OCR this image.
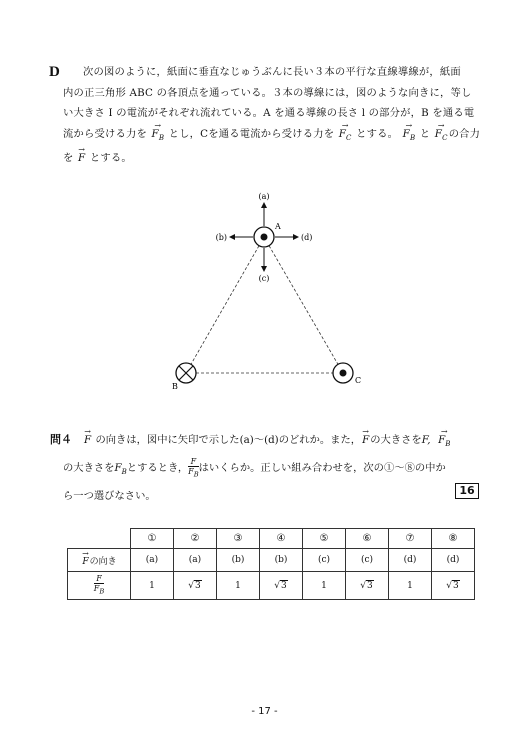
D 次の図のように，紙面に垂直なじゅうぶんに長い３本の平行な直線導線が，紙面
内の正三角形 ABC の各頂点を通っている。３本の導線には，図のような向きに，等し
い大きさ I の電流がそれぞれ流れている。A を通る導線の長さ l の部分が，B を通る電
流から受ける力を → $F_B$ とし，Cを通る電流から受ける力を → $F_C$ とする。 → $F_B$ と → $F_C$の合力
を → F とする。
(a)
(c)
(b)	(d)
A
B
C
問４ → F の向きは，図中に矢印で示した(a)〜(d)のどれか。また，→ Fの大きさをF, → $F_B$
の大きさを$F_B$とするとき， $\frac{F}{F_B}$ はいくらか。正しい組み合わせを，次の①〜⑧の中か
ら一つ選びなさい。	16
	①	②	③	④	⑤	⑥	⑦	⑧
→ Fの向き	(a)	(a)	(b)	(b)	(c)	(c)	(d)	(d)

$\frac{F}{F_B}$	1	√3	1	√3	1	√3	1	√3
- 17 -
